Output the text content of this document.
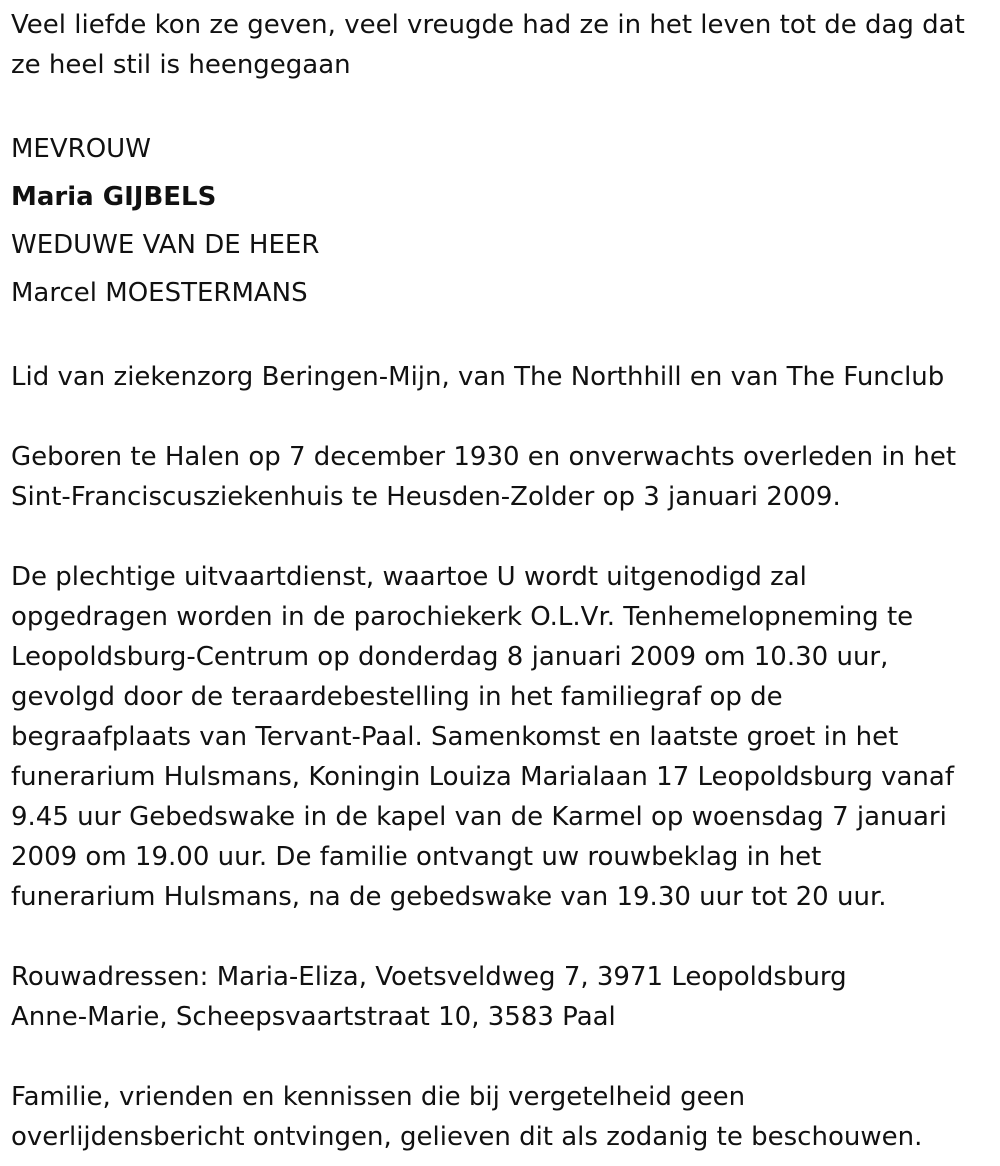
Veel liefde kon ze geven, veel vreugde had ze in het leven tot de dag dat
ze heel stil is heengegaan

MEVROUW
Maria GIJBELS
WEDUWE VAN DE HEER
Marcel MOESTERMANS

Lid van ziekenzorg Beringen-Mijn, van The Northhill en van The Funclub

Geboren te Halen op 7 december 1930 en onverwachts overleden in het
Sint-Franciscusziekenhuis te Heusden-Zolder op 3 januari 2009.

De plechtige uitvaartdienst, waartoe U wordt uitgenodigd zal
opgedragen worden in de parochiekerk O.L.Vr. Tenhemelopneming te
Leopoldsburg-Centrum op donderdag 8 januari 2009 om 10.30 uur,
gevolgd door de teraardebestelling in het familiegraf op de
begraafplaats van Tervant-Paal. Samenkomst en laatste groet in het
funerarium Hulsmans, Koningin Louiza Marialaan 17 Leopoldsburg vanaf
9.45 uur Gebedswake in de kapel van de Karmel op woensdag 7 januari
2009 om 19.00 uur. De familie ontvangt uw rouwbeklag in het
funerarium Hulsmans, na de gebedswake van 19.30 uur tot 20 uur.

Rouwadressen: Maria-Eliza, Voetsveldweg 7, 3971 Leopoldsburg
Anne-Marie, Scheepsvaartstraat 10, 3583 Paal

Familie, vrienden en kennissen die bij vergetelheid geen
overlijdensbericht ontvingen, gelieven dit als zodanig te beschouwen.
